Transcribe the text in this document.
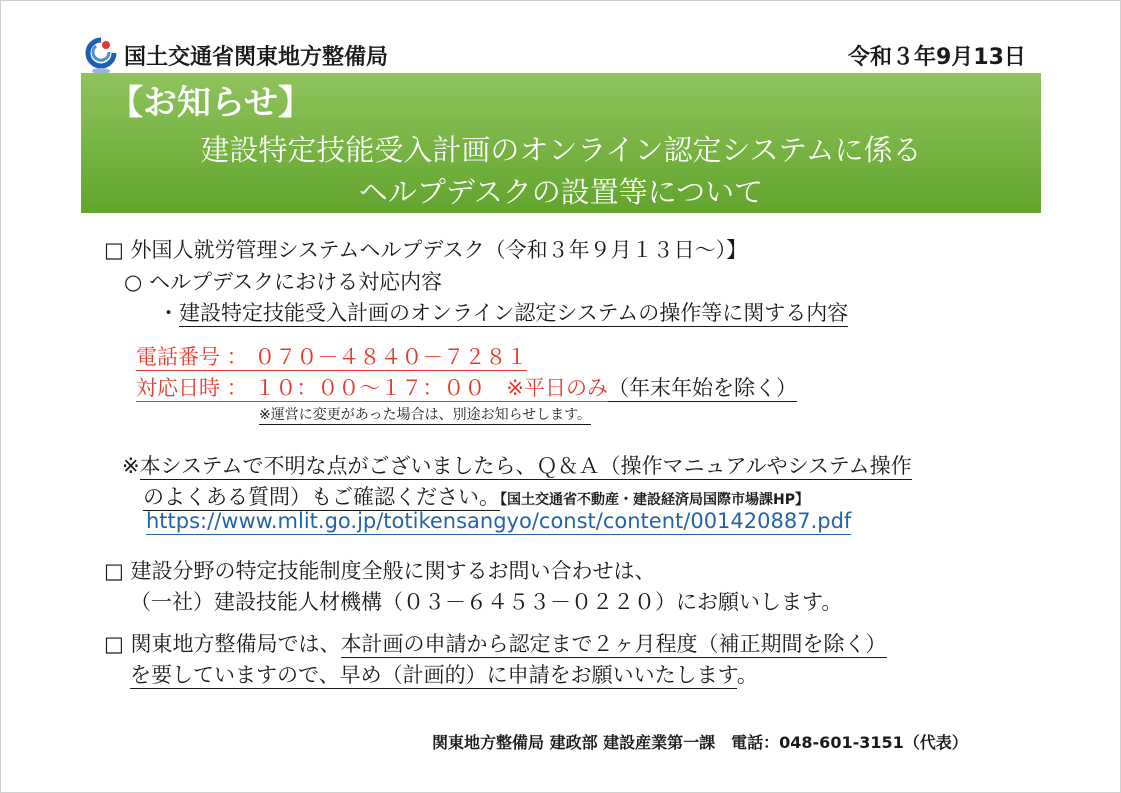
国土交通省関東地方整備局	令和３年9月13日
【お知らせ】
建設特定技能受入計画のオンライン認定システムに係る
ヘルプデスクの設置等について
□ 外国人就労管理システムヘルプデスク（令和３年９月１３日〜）】
○ ヘルプデスクにおける対応内容
・建設特定技能受入計画のオンライン認定システムの操作等に関する内容
電話番号 ： ０７０－４８４０－７２８１
対応日時 ： １０：００〜１７：００　※平日のみ（年末年始を除く）
※運営に変更があった場合は、別途お知らせします。
※本システムで不明な点がございましたら、Ｑ＆Ａ（操作マニュアルやシステム操作
のよくある質問）もご確認ください。【国土交通省不動産・建設経済局国際市場課HP】
https://www.mlit.go.jp/totikensangyo/const/content/001420887.pdf
□ 建設分野の特定技能制度全般に関するお問い合わせは、
（一社）建設技能人材機構（０３－６４５３－０２２０）にお願いします。
□ 関東地方整備局では、本計画の申請から認定まで２ヶ月程度（補正期間を除く）
を要していますので、早め（計画的）に申請をお願いいたします。
関東地方整備局 建政部 建設産業第一課　電話：048-601-3151（代表）
